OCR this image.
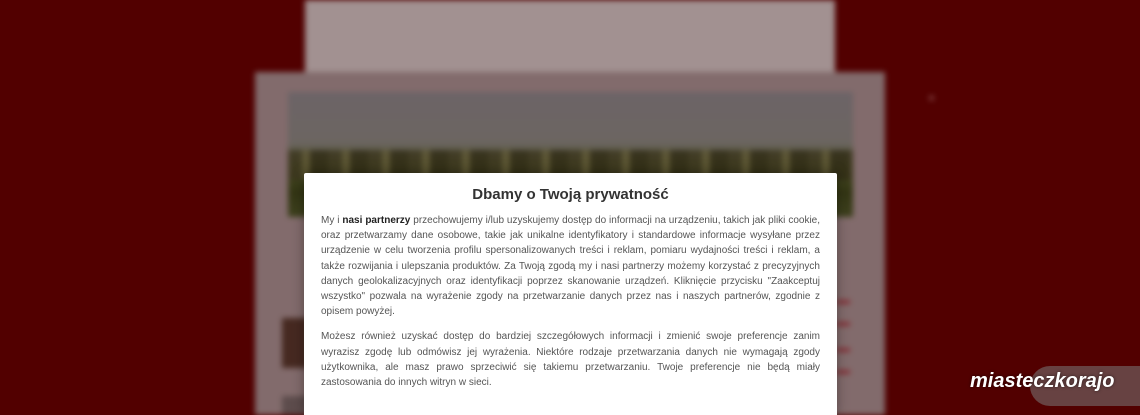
×
Dbamy o Twoją prywatność

My i nasi partnerzy przechowujemy i/lub uzyskujemy dostęp do informacji na urządzeniu, takich jak pliki cookie, oraz przetwarzamy dane osobowe, takie jak unikalne identyfikatory i standardowe informacje wysyłane przez urządzenie w celu tworzenia profilu spersonalizowanych treści i reklam, pomiaru wydajności treści i reklam, a także rozwijania i ulepszania produktów. Za Twoją zgodą my i nasi partnerzy możemy korzystać z precyzyjnych danych geolokalizacyjnych oraz identyfikacji poprzez skanowanie urządzeń. Kliknięcie przycisku "Zaakceptuj wszystko" pozwala na wyrażenie zgody na przetwarzanie danych przez nas i naszych partnerów, zgodnie z opisem powyżej.

Możesz również uzyskać dostęp do bardziej szczegółowych informacji i zmienić swoje preferencje zanim wyrazisz zgodę lub odmówisz jej wyrażenia. Niektóre rodzaje przetwarzania danych nie wymagają zgody użytkownika, ale masz prawo sprzeciwić się takiemu przetwarzaniu. Twoje preferencje nie będą miały zastosowania do innych witryn w sieci.	miasteczkorajo
